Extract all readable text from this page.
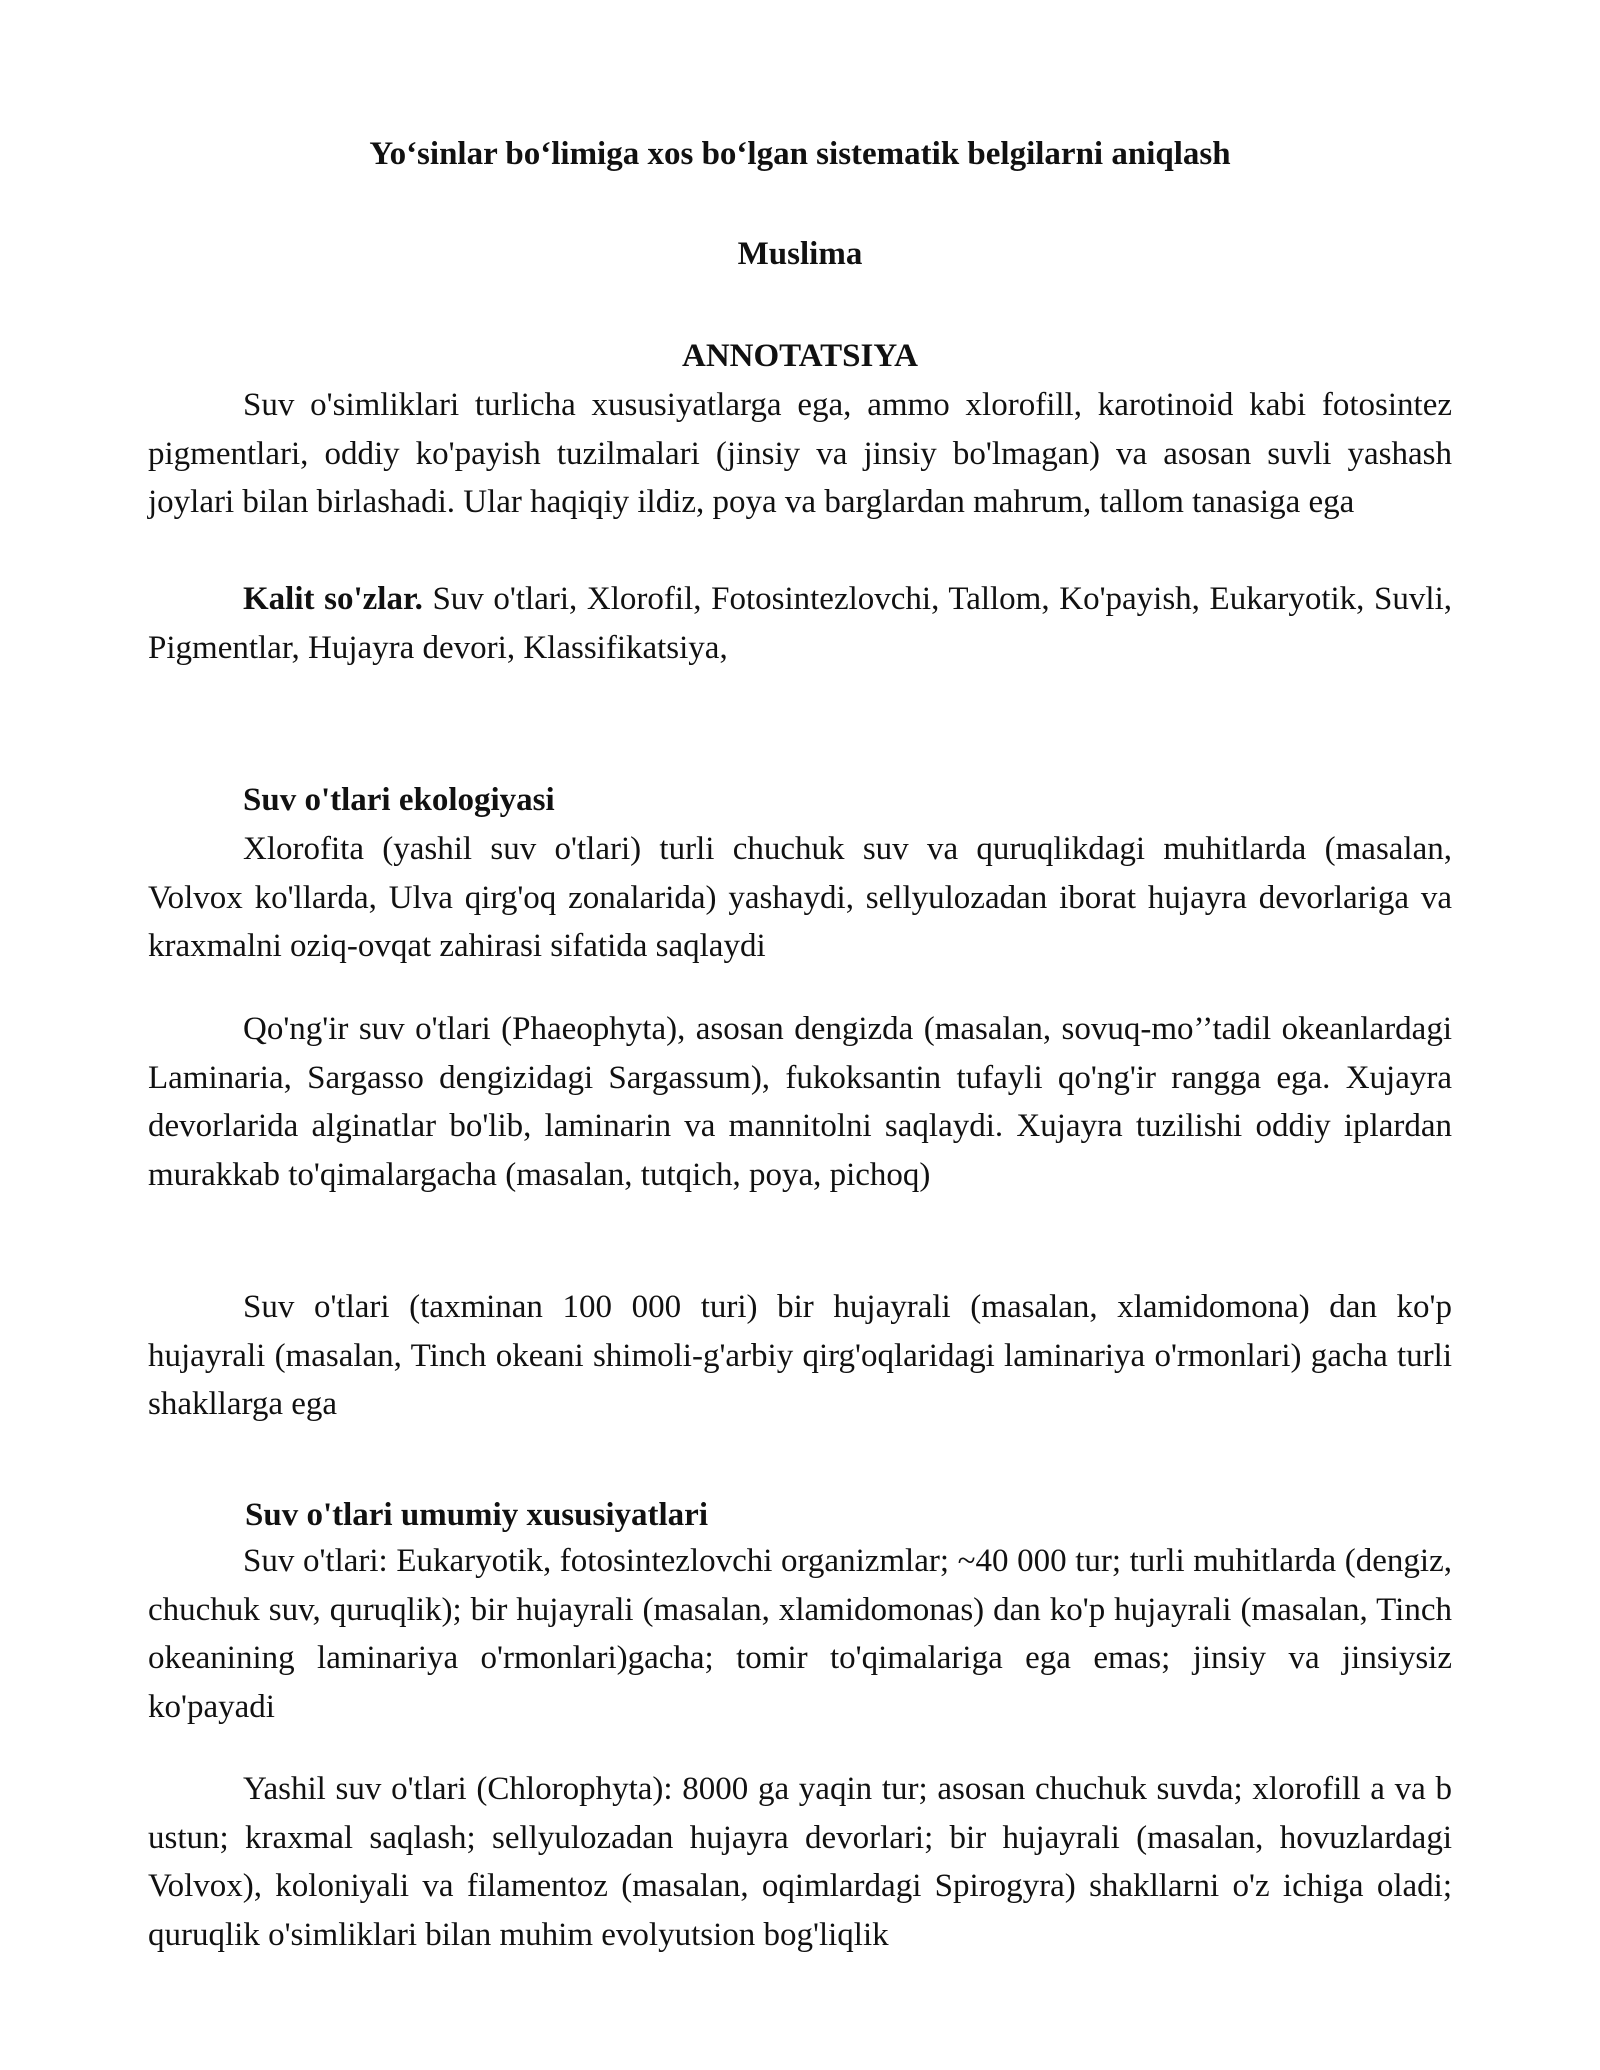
Yo‘sinlar bo‘limiga xos bo‘lgan sistematik belgilarni aniqlash

Muslima

ANNOTATSIYA

Suv o'simliklari turlicha xususiyatlarga ega, ammo xlorofill, karotinoid kabi fotosintez pigmentlari, oddiy ko'payish tuzilmalari (jinsiy va jinsiy bo'lmagan) va asosan suvli yashash joylari bilan birlashadi. Ular haqiqiy ildiz, poya va barglardan mahrum, tallom tanasiga ega

Kalit so'zlar. Suv o'tlari, Xlorofil, Fotosintezlovchi, Tallom, Ko'payish, Eukaryotik, Suvli, Pigmentlar, Hujayra devori, Klassifikatsiya,

Suv o'tlari ekologiyasi

Xlorofita (yashil suv o'tlari) turli chuchuk suv va quruqlikdagi muhitlarda (masalan, Volvox ko'llarda, Ulva qirg'oq zonalarida) yashaydi, sellyulozadan iborat hujayra devorlariga va kraxmalni oziq-ovqat zahirasi sifatida saqlaydi

Qo'ng'ir suv o'tlari (Phaeophyta), asosan dengizda (masalan, sovuq-mo’’tadil okeanlardagi Laminaria, Sargasso dengizidagi Sargassum), fukoksantin tufayli qo'ng'ir rangga ega. Xujayra devorlarida alginatlar bo'lib, laminarin va mannitolni saqlaydi. Xujayra tuzilishi oddiy iplardan murakkab to'qimalargacha (masalan, tutqich, poya, pichoq)

Suv o'tlari (taxminan 100 000 turi) bir hujayrali (masalan, xlamidomona) dan ko'p hujayrali (masalan, Tinch okeani shimoli-g'arbiy qirg'oqlaridagi laminariya o'rmonlari) gacha turli shakllarga ega

Suv o'tlari umumiy xususiyatlari

Suv o'tlari: Eukaryotik, fotosintezlovchi organizmlar; ~40 000 tur; turli muhitlarda (dengiz, chuchuk suv, quruqlik); bir hujayrali (masalan, xlamidomonas) dan ko'p hujayrali (masalan, Tinch okeanining laminariya o'rmonlari)gacha; tomir to'qimalariga ega emas; jinsiy va jinsiysiz ko'payadi

Yashil suv o'tlari (Chlorophyta): 8000 ga yaqin tur; asosan chuchuk suvda; xlorofill a va b ustun; kraxmal saqlash; sellyulozadan hujayra devorlari; bir hujayrali (masalan, hovuzlardagi Volvox), koloniyali va filamentoz (masalan, oqimlardagi Spirogyra) shakllarni o'z ichiga oladi; quruqlik o'simliklari bilan muhim evolyutsion bog'liqlik
